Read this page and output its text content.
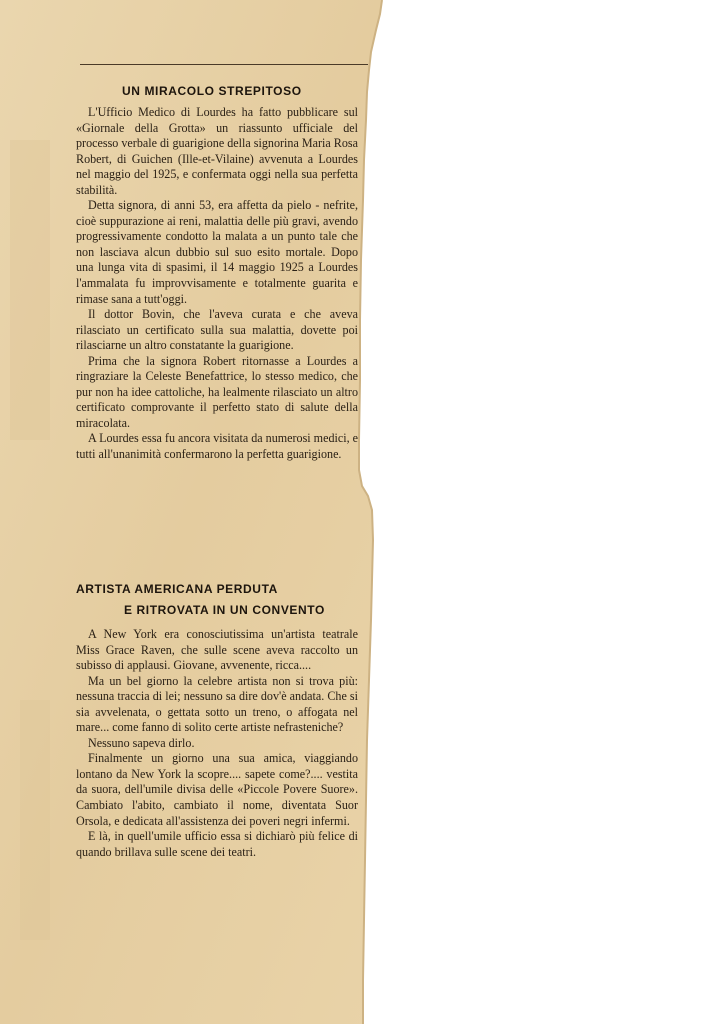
UN MIRACOLO STREPITOSO

L'Ufficio Medico di Lourdes ha fatto pubblicare sul «Giornale della Grotta» un riassunto ufficiale del processo verbale di guarigione della signorina Maria Rosa Robert, di Guichen (Ille-et-Vilaine) avvenuta a Lourdes nel maggio del 1925, e confermata oggi nella sua perfetta stabilità.

Detta signora, di anni 53, era affetta da pielo - nefrite, cioè suppurazione ai reni, malattia delle più gravi, avendo progressivamente condotto la malata a un punto tale che non lasciava alcun dubbio sul suo esito mortale. Dopo una lunga vita di spasimi, il 14 maggio 1925 a Lourdes l'ammalata fu improvvisamente e totalmente guarita e rimase sana a tutt'oggi.

Il dottor Bovin, che l'aveva curata e che aveva rilasciato un certificato sulla sua malattia, dovette poi rilasciarne un altro constatante la guarigione.

Prima che la signora Robert ritornasse a Lourdes a ringraziare la Celeste Benefattrice, lo stesso medico, che pur non ha idee cattoliche, ha lealmente rilasciato un altro certificato comprovante il perfetto stato di salute della miracolata.

A Lourdes essa fu ancora visitata da numerosi medici, e tutti all'unanimità confermarono la perfetta guarigione.

ARTISTA AMERICANA PERDUTA
E RITROVATA IN UN CONVENTO

A New York era conosciutissima un'artista teatrale Miss Grace Raven, che sulle scene aveva raccolto un subisso di applausi. Giovane, avvenente, ricca....

Ma un bel giorno la celebre artista non si trova più: nessuna traccia di lei; nessuno sa dire dov'è andata. Che si sia avvelenata, o gettata sotto un treno, o affogata nel mare... come fanno di solito certe artiste nefrasteniche?

Nessuno sapeva dirlo.

Finalmente un giorno una sua amica, viaggiando lontano da New York la scopre.... sapete come?.... vestita da suora, dell'umile divisa delle «Piccole Povere Suore». Cambiato l'abito, cambiato il nome, diventata Suor Orsola, e dedicata all'assistenza dei poveri negri infermi.

E là, in quell'umile ufficio essa si dichiarò più felice di quando brillava sulle scene dei teatri.
